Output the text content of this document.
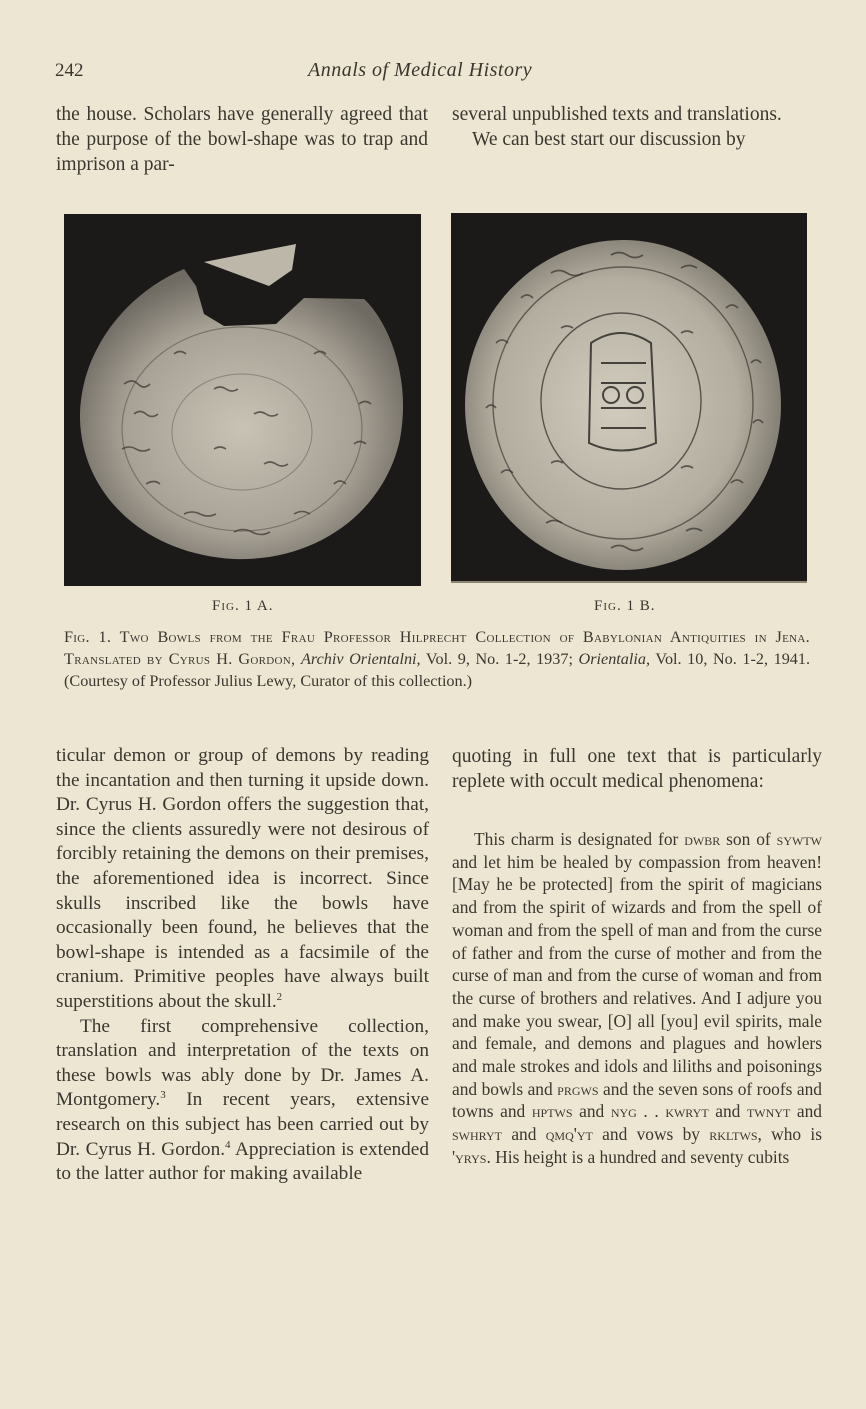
242	Annals of Medical History

the house. Scholars have generally agreed that the purpose of the bowl-shape was to trap and imprison a par-

several unpublished texts and translations.

We can best start our discussion by

Fig. 1 A.	Fig. 1 B.

Fig. 1. Two Bowls from the Frau Professor Hilprecht Collection of Babylonian Antiquities in Jena. Translated by Cyrus H. Gordon, Archiv Orientalni, Vol. 9, No. 1-2, 1937; Orientalia, Vol. 10, No. 1-2, 1941. (Courtesy of Professor Julius Lewy, Curator of this collection.)

ticular demon or group of demons by reading the incantation and then turning it upside down. Dr. Cyrus H. Gordon offers the suggestion that, since the clients assuredly were not desirous of forcibly retaining the demons on their premises, the aforementioned idea is incorrect. Since skulls inscribed like the bowls have occasionally been found, he believes that the bowl-shape is intended as a facsimile of the cranium. Primitive peoples have always built superstitions about the skull.$^2$

The first comprehensive collection, translation and interpretation of the texts on these bowls was ably done by Dr. James A. Montgomery.$^3$ In recent years, extensive research on this subject has been carried out by Dr. Cyrus H. Gordon.$^4$ Appreciation is extended to the latter author for making available

quoting in full one text that is particularly replete with occult medical phenomena:

This charm is designated for dwbr son of sywtw and let him be healed by compassion from heaven! [May he be protected] from the spirit of magicians and from the spirit of wizards and from the spell of woman and from the spell of man and from the curse of father and from the curse of mother and from the curse of man and from the curse of woman and from the curse of brothers and relatives. And I adjure you and make you swear, [O] all [you] evil spirits, male and female, and demons and plagues and howlers and male strokes and idols and liliths and poisonings and bowls and prgws and the seven sons of roofs and towns and hptws and nyg . . kwryt and twnyt and swhryt and qmq'yt and vows by rkltws, who is 'yrys. His height is a hundred and seventy cubits
